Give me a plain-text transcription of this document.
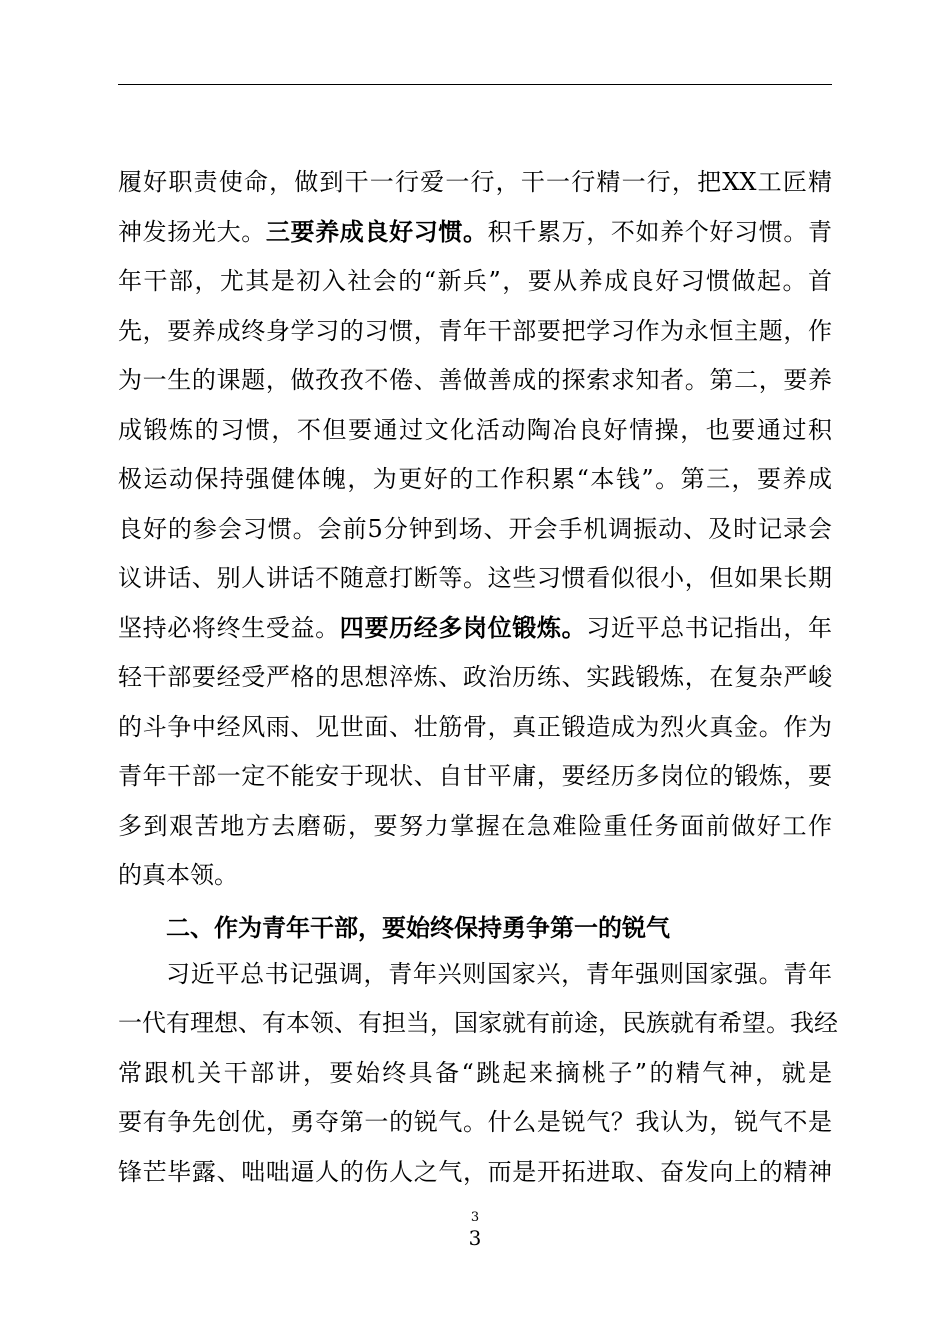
履好职责使命，做到干一行爱一行，干一行精一行，把XX工匠精
神发扬光大。三要养成良好习惯。积千累万，不如养个好习惯。青
年干部，尤其是初入社会的“新兵”，要从养成良好习惯做起。首
先，要养成终身学习的习惯，青年干部要把学习作为永恒主题，作
为一生的课题，做孜孜不倦、善做善成的探索求知者。第二，要养
成锻炼的习惯，不但要通过文化活动陶冶良好情操，也要通过积
极运动保持强健体魄，为更好的工作积累“本钱”。第三，要养成
良好的参会习惯。会前5分钟到场、开会手机调振动、及时记录会
议讲话、别人讲话不随意打断等。这些习惯看似很小，但如果长期
坚持必将终生受益。四要历经多岗位锻炼。习近平总书记指出，年
轻干部要经受严格的思想淬炼、政治历练、实践锻炼，在复杂严峻
的斗争中经风雨、见世面、壮筋骨，真正锻造成为烈火真金。作为
青年干部一定不能安于现状、自甘平庸，要经历多岗位的锻炼，要
多到艰苦地方去磨砺，要努力掌握在急难险重任务面前做好工作
的真本领。
二、作为青年干部，要始终保持勇争第一的锐气
习近平总书记强调，青年兴则国家兴，青年强则国家强。青年
一代有理想、有本领、有担当，国家就有前途，民族就有希望。我经
常跟机关干部讲，要始终具备“跳起来摘桃子”的精气神，就是
要有争先创优，勇夺第一的锐气。什么是锐气？我认为，锐气不是
锋芒毕露、咄咄逼人的伤人之气，而是开拓进取、奋发向上的精神
3
3
